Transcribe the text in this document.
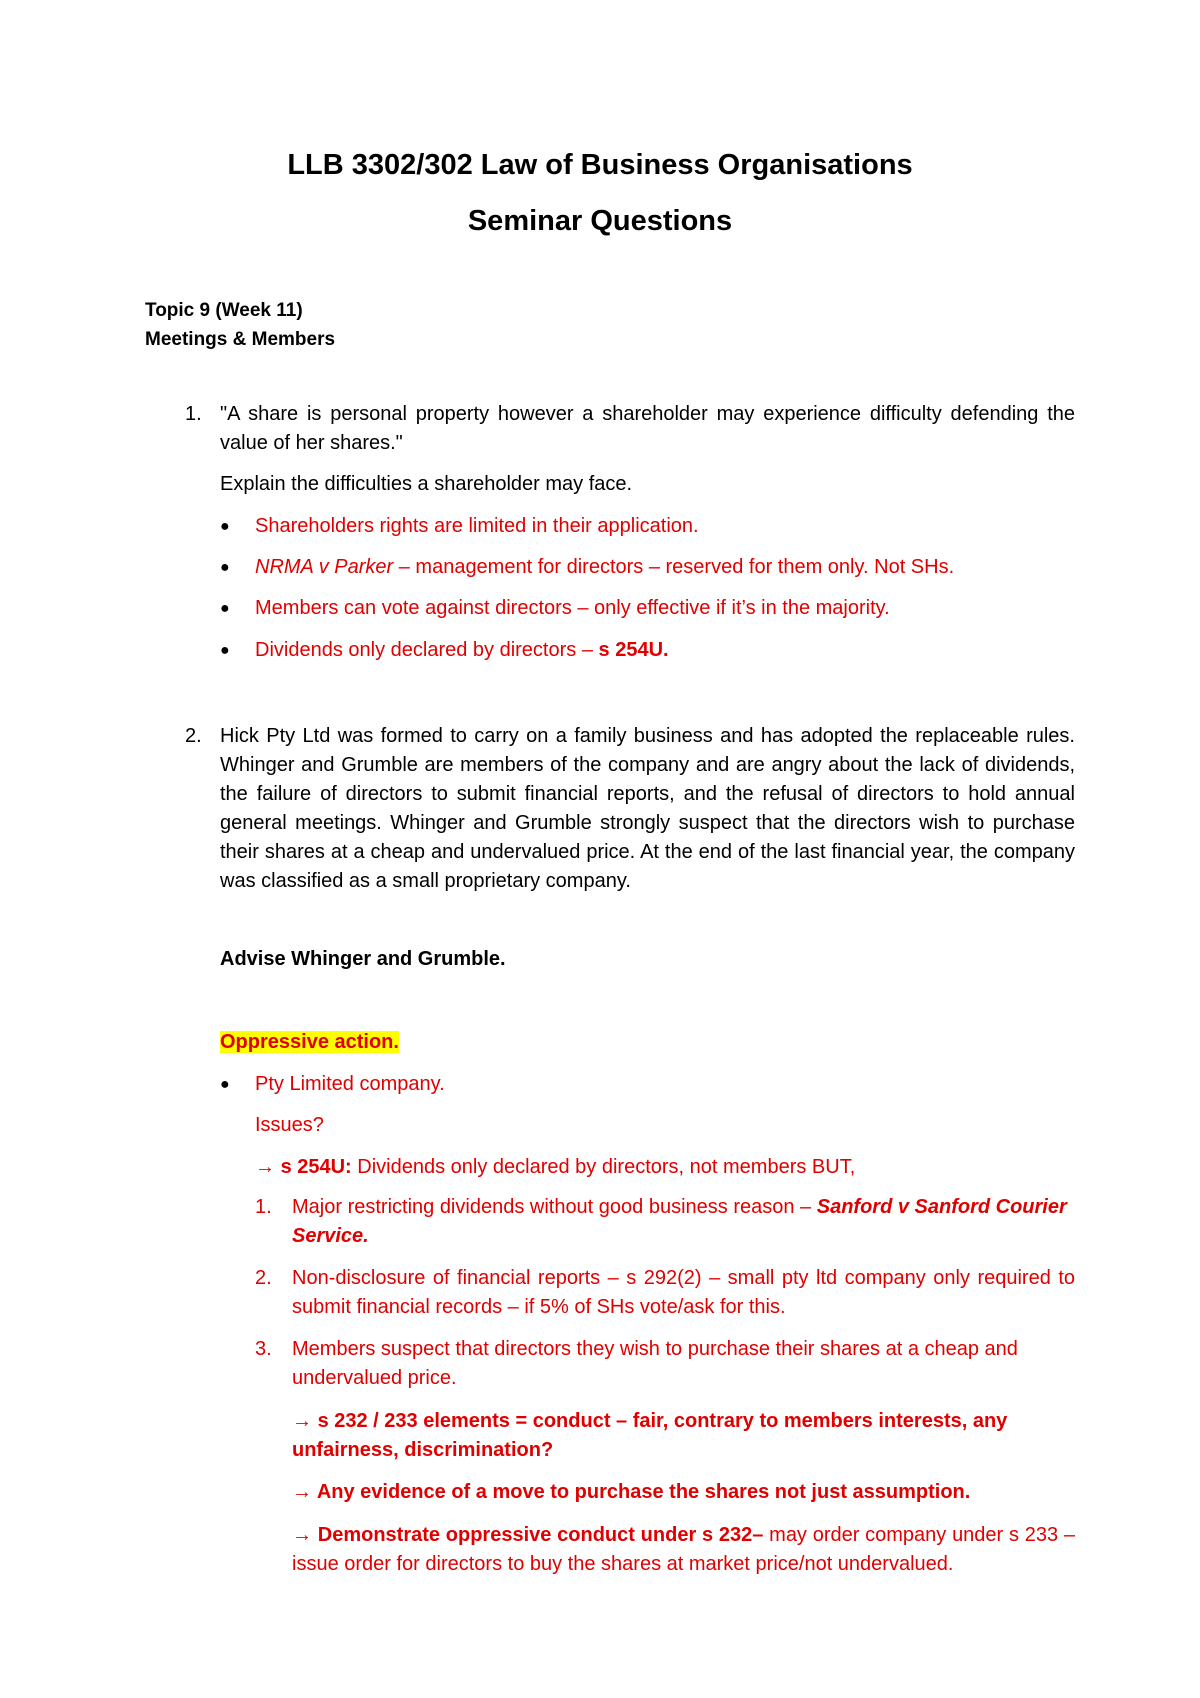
LLB 3302/302 Law of Business Organisations
Seminar Questions
Topic 9 (Week 11)
Meetings & Members
1. "A share is personal property however a shareholder may experience difficulty defending the value of her shares."
Explain the difficulties a shareholder may face.
● Shareholders rights are limited in their application.
● NRMA v Parker – management for directors – reserved for them only. Not SHs.
● Members can vote against directors – only effective if it’s in the majority.
● Dividends only declared by directors – s 254U.
2. Hick Pty Ltd was formed to carry on a family business and has adopted the replaceable rules. Whinger and Grumble are members of the company and are angry about the lack of dividends, the failure of directors to submit financial reports, and the refusal of directors to hold annual general meetings. Whinger and Grumble strongly suspect that the directors wish to purchase their shares at a cheap and undervalued price. At the end of the last financial year, the company was classified as a small proprietary company.
Advise Whinger and Grumble.
Oppressive action.
● Pty Limited company.
Issues?
→ s 254U: Dividends only declared by directors, not members BUT,
1. Major restricting dividends without good business reason – Sanford v Sanford Courier Service.
2. Non-disclosure of financial reports – s 292(2) – small pty ltd company only required to submit financial records – if 5% of SHs vote/ask for this.
3. Members suspect that directors they wish to purchase their shares at a cheap and undervalued price.
→ s 232 / 233 elements = conduct – fair, contrary to members interests, any unfairness, discrimination?
→ Any evidence of a move to purchase the shares not just assumption.
→ Demonstrate oppressive conduct under s 232– may order company under s 233 – issue order for directors to buy the shares at market price/not undervalued.
